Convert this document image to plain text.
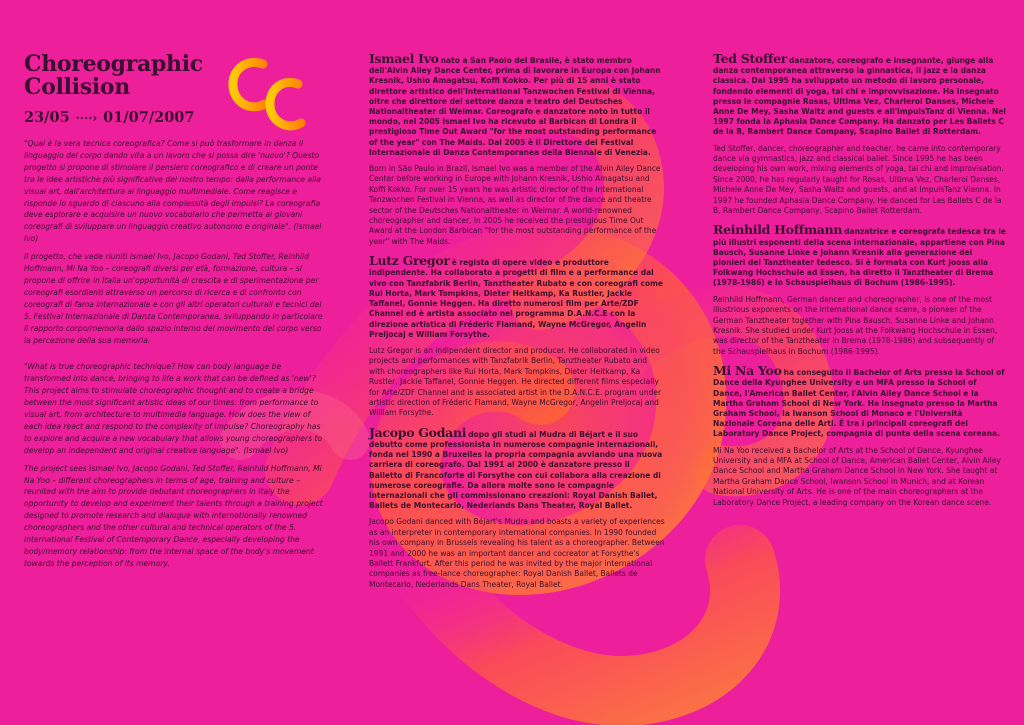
Choreographic
Collision
23/05 ····› 01/07/2007

"Qual è la vera tecnica coreografica? Come si può trasformare in danza il linguaggio del corpo dando vita a un lavoro che si possa dire 'nuovo'? Questo progetto si propone di stimolare il pensiero coreografico e di creare un ponte tra le idee artistiche più significative del nostro tempo: dalla performance alla visual art, dall'architettura al linguaggio multimediale. Come reagisce e risponde lo sguardo di ciascuno alla complessità degli impulsi? La coreografia deve esplorare e acquisire un nuovo vocabolario che permetta ai giovani coreografi di sviluppare un linguaggio creativo autonomo e originale". (Ismael Ivo)

Il progetto, che vede riuniti Ismael Ivo, Jacopo Godani, Ted Stoffer, Reinhild Hoffmann, Mi Na Yoo – coreografi diversi per età, formazione, cultura – si propone di offrire in Italia un'opportunità di crescita e di sperimentazione per coreografi esordienti attraverso un percorso di ricerca e di confronto con coreografi di fama internazionale e con gli altri operatori culturali e tecnici del 5. Festival Internazionale di Danza Contemporanea, sviluppando in particolare il rapporto corpo/memoria dallo spazio interno del movimento del corpo verso la percezione della sua memoria.

"What is true choreographic technique? How can body language be transformed into dance, bringing to life a work that can be defined as 'new'? This project aims to stimulate choreographic thought and to create a bridge between the most significant artistic ideas of our times: from performance to visual art, from architecture to multimedia language. How does the view of each idea react and respond to the complexity of impulse? Choreography has to explore and acquire a new vocabulary that allows young choreographers to develop an independent and original creative language". (Ismael Ivo)

The project sees Ismael Ivo, Jacopo Godani, Ted Stoffer, Reinhild Hoffmann, Mi Na Yoo – different choreographers in terms of age, training and culture – reunited with the aim to provide debutant choreographers in Italy the opportunity to develop and experiment their talents through a training project designed to promote research and dialogue with internationally renowned choreographers and the other cultural and technical operators of the 5. International Festival of Contemporary Dance, especially developing the body/memory relationship: from the internal space of the body's movement towards the perception of its memory.

Ismael Ivo nato a San Paolo del Brasile, è stato membro dell'Alvin Ailey Dance Center, prima di lavorare in Europa con Johann Kresnik, Ushio Amagatsu, Koffi Kokko. Per più di 15 anni è stato direttore artistico dell'International Tanzwochen Festival di Vienna, oltre che direttore del settore danza e teatro del Deutsches Nationaltheater di Weimar. Coreografo e danzatore noto in tutto il mondo, nel 2005 Ismael Ivo ha ricevuto al Barbican di Londra il prestigioso Time Out Award "for the most outstanding performance of the year" con The Maids. Dal 2005 è il Direttore del Festival Internazionale di Danza Contemporanea della Biennale di Venezia.

Born in São Paulo in Brazil, Ismael Ivo was a member of the Alvin Ailey Dance Center before working in Europe with Johann Kresnik, Ushio Amagatsu and Koffi Kokko. For over 15 years he was artistic director of the International Tanzwochen Festival in Vienna, as well as director of the dance and theatre sector of the Deutsches Nationaltheater in Weimar. A world-renowned choreographer and dancer, in 2005 he received the prestigious Time Out Award at the London Barbican "for the most outstanding performance of the year" with The Maids.

Lutz Gregor è regista di opere video e produttore indipendente. Ha collaborato a progetti di film e a performance dal vivo con Tanzfabrik Berlin, Tanztheater Rubato e con coreografi come Rui Horta, Mark Tompkins, Dieter Heitkamp, Ka Rustler, Jackie Taffanel, Gonnie Heggen. Ha diretto numerosi film per Arte/ZDF Channel ed è artista associato nel programma D.A.N.C.E con la direzione artistica di Fréderic Flamand, Wayne McGregor, Angelin Preljocaj e William Forsythe.

Lutz Gregor is an indipendent director and producer. He collaborated in video projects and performances with Tanzfabrik Berlin, Tanztheater Rubato and with choreographers like Rui Horta, Mark Tompkins, Dieter Heitkamp, Ka Rustler, Jackie Taffanel, Gonnie Heggen. He directed different films especially for Arte/ZDF Channel and is associated artist in the D.A.N.C.E. program under artistic direction of Fréderic Flamand, Wayne McGregor, Angelin Preljocaj and William Forsythe.

Jacopo Godani dopo gli studi al Mudra di Béjart e il suo debutto come professionista in numerose compagnie internazionali, fonda nel 1990 a Bruxelles la propria compagnia avviando una nuova carriera di coreografo. Dal 1991 al 2000 è danzatore presso il Balletto di Francoforte di Forsythe con cui collabora alla creazione di numerose coreografie. Da allora molte sono le compagnie internazionali che gli commissionano creazioni: Royal Danish Ballet, Ballets de Montecarlo, Nederlands Dans Theater, Royal Ballet.

Jacopo Godani danced with Béjart's Mudra and boasts a variety of experiences as an interpreter in contemporary international companies. In 1990 founded his own company in Brussels revealing his talent as a choreographer. Between 1991 and 2000 he was an important dancer and cocreator at Forsythe's Ballett Frankfurt. After this period he was invited by the major international companies as free-lance choreographer: Royal Danish Ballet, Ballets de Montecarlo, Nederlands Dans Theater, Royal Ballet.

Ted Stoffer danzatore, coreografo e insegnante, giunge alla danza contemporanea attraverso la ginnastica, il jazz e la danza classica. Dal 1995 ha sviluppato un metodo di lavoro personale, fondendo elementi di yoga, tai chi e improvvisazione. Ha insegnato presso le compagnie Rosas, Ultima Vez, Charleroi Danses, Michele Anne De Mey, Sasha Waltz and guests e all'ImpulsTanz di Vienna. Nel 1997 fonda la Aphasia Dance Company. Ha danzato per Les Ballets C de la B, Rambert Dance Company, Scapino Ballet di Rotterdam.

Ted Stoffer, dancer, choreographer and teacher, he came into contemporary dance via gymnastics, jazz and classical ballet. Since 1995 he has been developing his own work, mixing elements of yoga, tai chi and improvisation. Since 2000, he has regularly taught for Rosas, Ultima Vez, Charleroi Danses, Michele Anne De Mey, Sasha Waltz and guests, and at ImpulsTanz Vienna. In 1997 he founded Aphasia Dance Company. He danced for Les Ballets C de la B, Rambert Dance Company, Scapino Ballet Rotterdam.

Reinhild Hoffmann danzatrice e coreografa tedesca tra le più illustri esponenti della scena internazionale, appartiene con Pina Bausch, Susanne Linke e Johann Kresnik alla generazione dei pionieri del Tanztheater tedesco. Si è formata con Kurt Jooss alla Folkwang Hochschule ad Essen, ha diretto il Tanztheater di Brema (1978-1986) e lo Schauspielhaus di Bochum (1986-1995).

Reinhild Hoffmann, German dancer and choreographer, is one of the most illustrious exponents on the international dance scene, a pioneer of the German Tanztheater together with Pina Bausch, Susanne Linke and Johann Kresnik. She studied under Kurt Jooss at the Folkwang Hochschule in Essen, was director of the Tanztheater in Brema (1978-1986) and subsequently of the Schauspielhaus in Bochum (1986-1995).

Mi Na Yoo ha conseguito il Bachelor of Arts presso la School of Dance della Kyunghee University e un MFA presso la School of Dance, l'American Ballet Center, l'Alvin Ailey Dance School e la Martha Graham School di New York. Ha insegnato presso la Martha Graham School, la Iwanson School di Monaco e l'Università Nazionale Coreana delle Arti. È tra i principali coreografi del Laboratory Dance Project, compagnia di punta della scena coreana.

Mi Na Yoo received a Bachelor of Arts at the School of Dance, Kyunghee University and a MFA at School of Dance, American Ballet Center, Alvin Ailey Dance School and Martha Graham Dance School in New York. She taught at Martha Graham Dance School, Iwanson School in Munich, and at Korean National University of Arts. He is one of the main choreographers at the Laboratory Dance Project, a leading company on the Korean dance scene.
